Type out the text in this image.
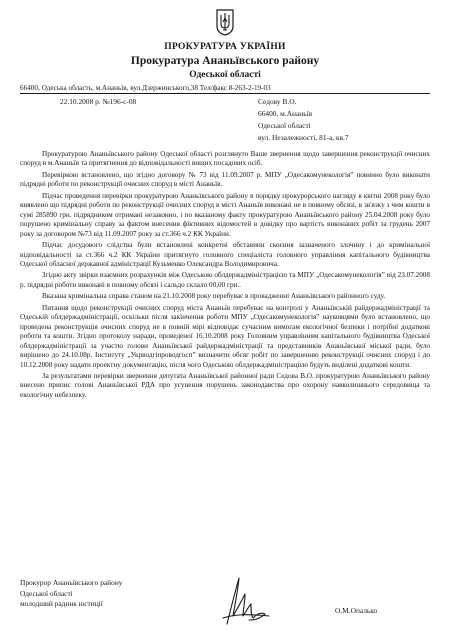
ПРОКУРАТУРА УКРАЇНИ
Прокуратура Ананьївського району
Одеської області
66400, Одеська область, м.Ананьїв, вул.Дзержинського,38 Тел/факс 8-263-2-19-03
22.10.2008 р. №196-с-08	Седову В.О.
66400, м.Ананьїв
Одеської області
вул. Незалежності, 81-а, кв.7

Прокуратурою Ананьївського району Одеської області розглянуто Ваше звернення щодо завершення реконструкції очисних споруд в м.Ананьїв та притягнення до відповідальності вищих посадових осіб.

Перевіркою встановлено, що згідно договору № 73 від 11.09.2007 р. МПУ „Одесакомунекологія” повинно було виконати підрядні роботи по реконструкції очисних споруд в місті Ананьїв.

Підчас проведення перевірки прокуратурою Ананьївського району в порядку прокурорського нагляду в квітні 2008 року було виявлено що підрядні роботи по реконструкції очисних споруд в місті Ананьїв виконані не в повному обсязі, в зв'язку з чим кошти в сумі 285890 грн. підрядником отримані незаконно, і по вказаному факту прокуратурою Ананьївського району 25.04.2008 року було порушено кримінальну справу за фактом внесення фіктивних відомостей в довідку про вартість виконаних робіт за грудень 2007 року за договором №73 від 11.09.2007 року за ст.366 ч.2 КК України.

Підчас досудового слідства були встановлені конкретні обставини скоєння зазначеного злочину і до кримінальної відповідальності за ст.366 ч.2 КК України притягнуто головного спеціаліста головного управління капітального будівництва Одеської обласної державної адміністрації Кузьменко Олександра Володимировича.

Згідно акту звірки взаємних розрахунків між Одеською облдержадміністрацією та МПУ „Одесакомунекологія” від 23.07.2008 р. підрядні роботи виконані в повному обсязі і сальдо склало 00,00 грн..

Вказана кримінальна справа станом на 21.10.2008 року перебуває в провадженні Ананьївського районного суду.

Питання щодо реконструкції очисних споруд міста Ананьїв перебуває на контролі у Ананьївській райдержадміністрації та Одеській облдержадміністрації, оскільки після закінчення роботи МПУ „Одесакомунекологія” науковцями було встановлено, що проведена реконструкція очисних споруд не в повній мірі відповідає сучасним вимогам екологічної безпеки і потрібні додаткові роботи та кошти. Згідно протоколу наради, проведеної 16.10.2008 року Головним управлінням капітального будівництва Одеської облдержадміністрації за участю голови Ананьївської райдержадміністрації та представників Ананьївської міської ради, було вирішено до 24.10.08р. Інституту „Укрводгіпроводгосп” визначити обсяг робіт по завершенню реконструкції очисних споруд і до 10.12.2008 року надати проектну документацію, після чого Одеською облдержадміністрацією будуть виділені додаткові кошти.

За результатами перевірки звернення депутата Ананьївської районної ради Седова В.О. прокуратурою Ананьївського району внесено припис голові Ананьївської РДА про усунення порушень законодавства про охорону навколишнього середовища та екологічну небезпеку.

Прокурор Ананьївського району
Одеської області
молодший радник юстиції
О.М.Опалько
